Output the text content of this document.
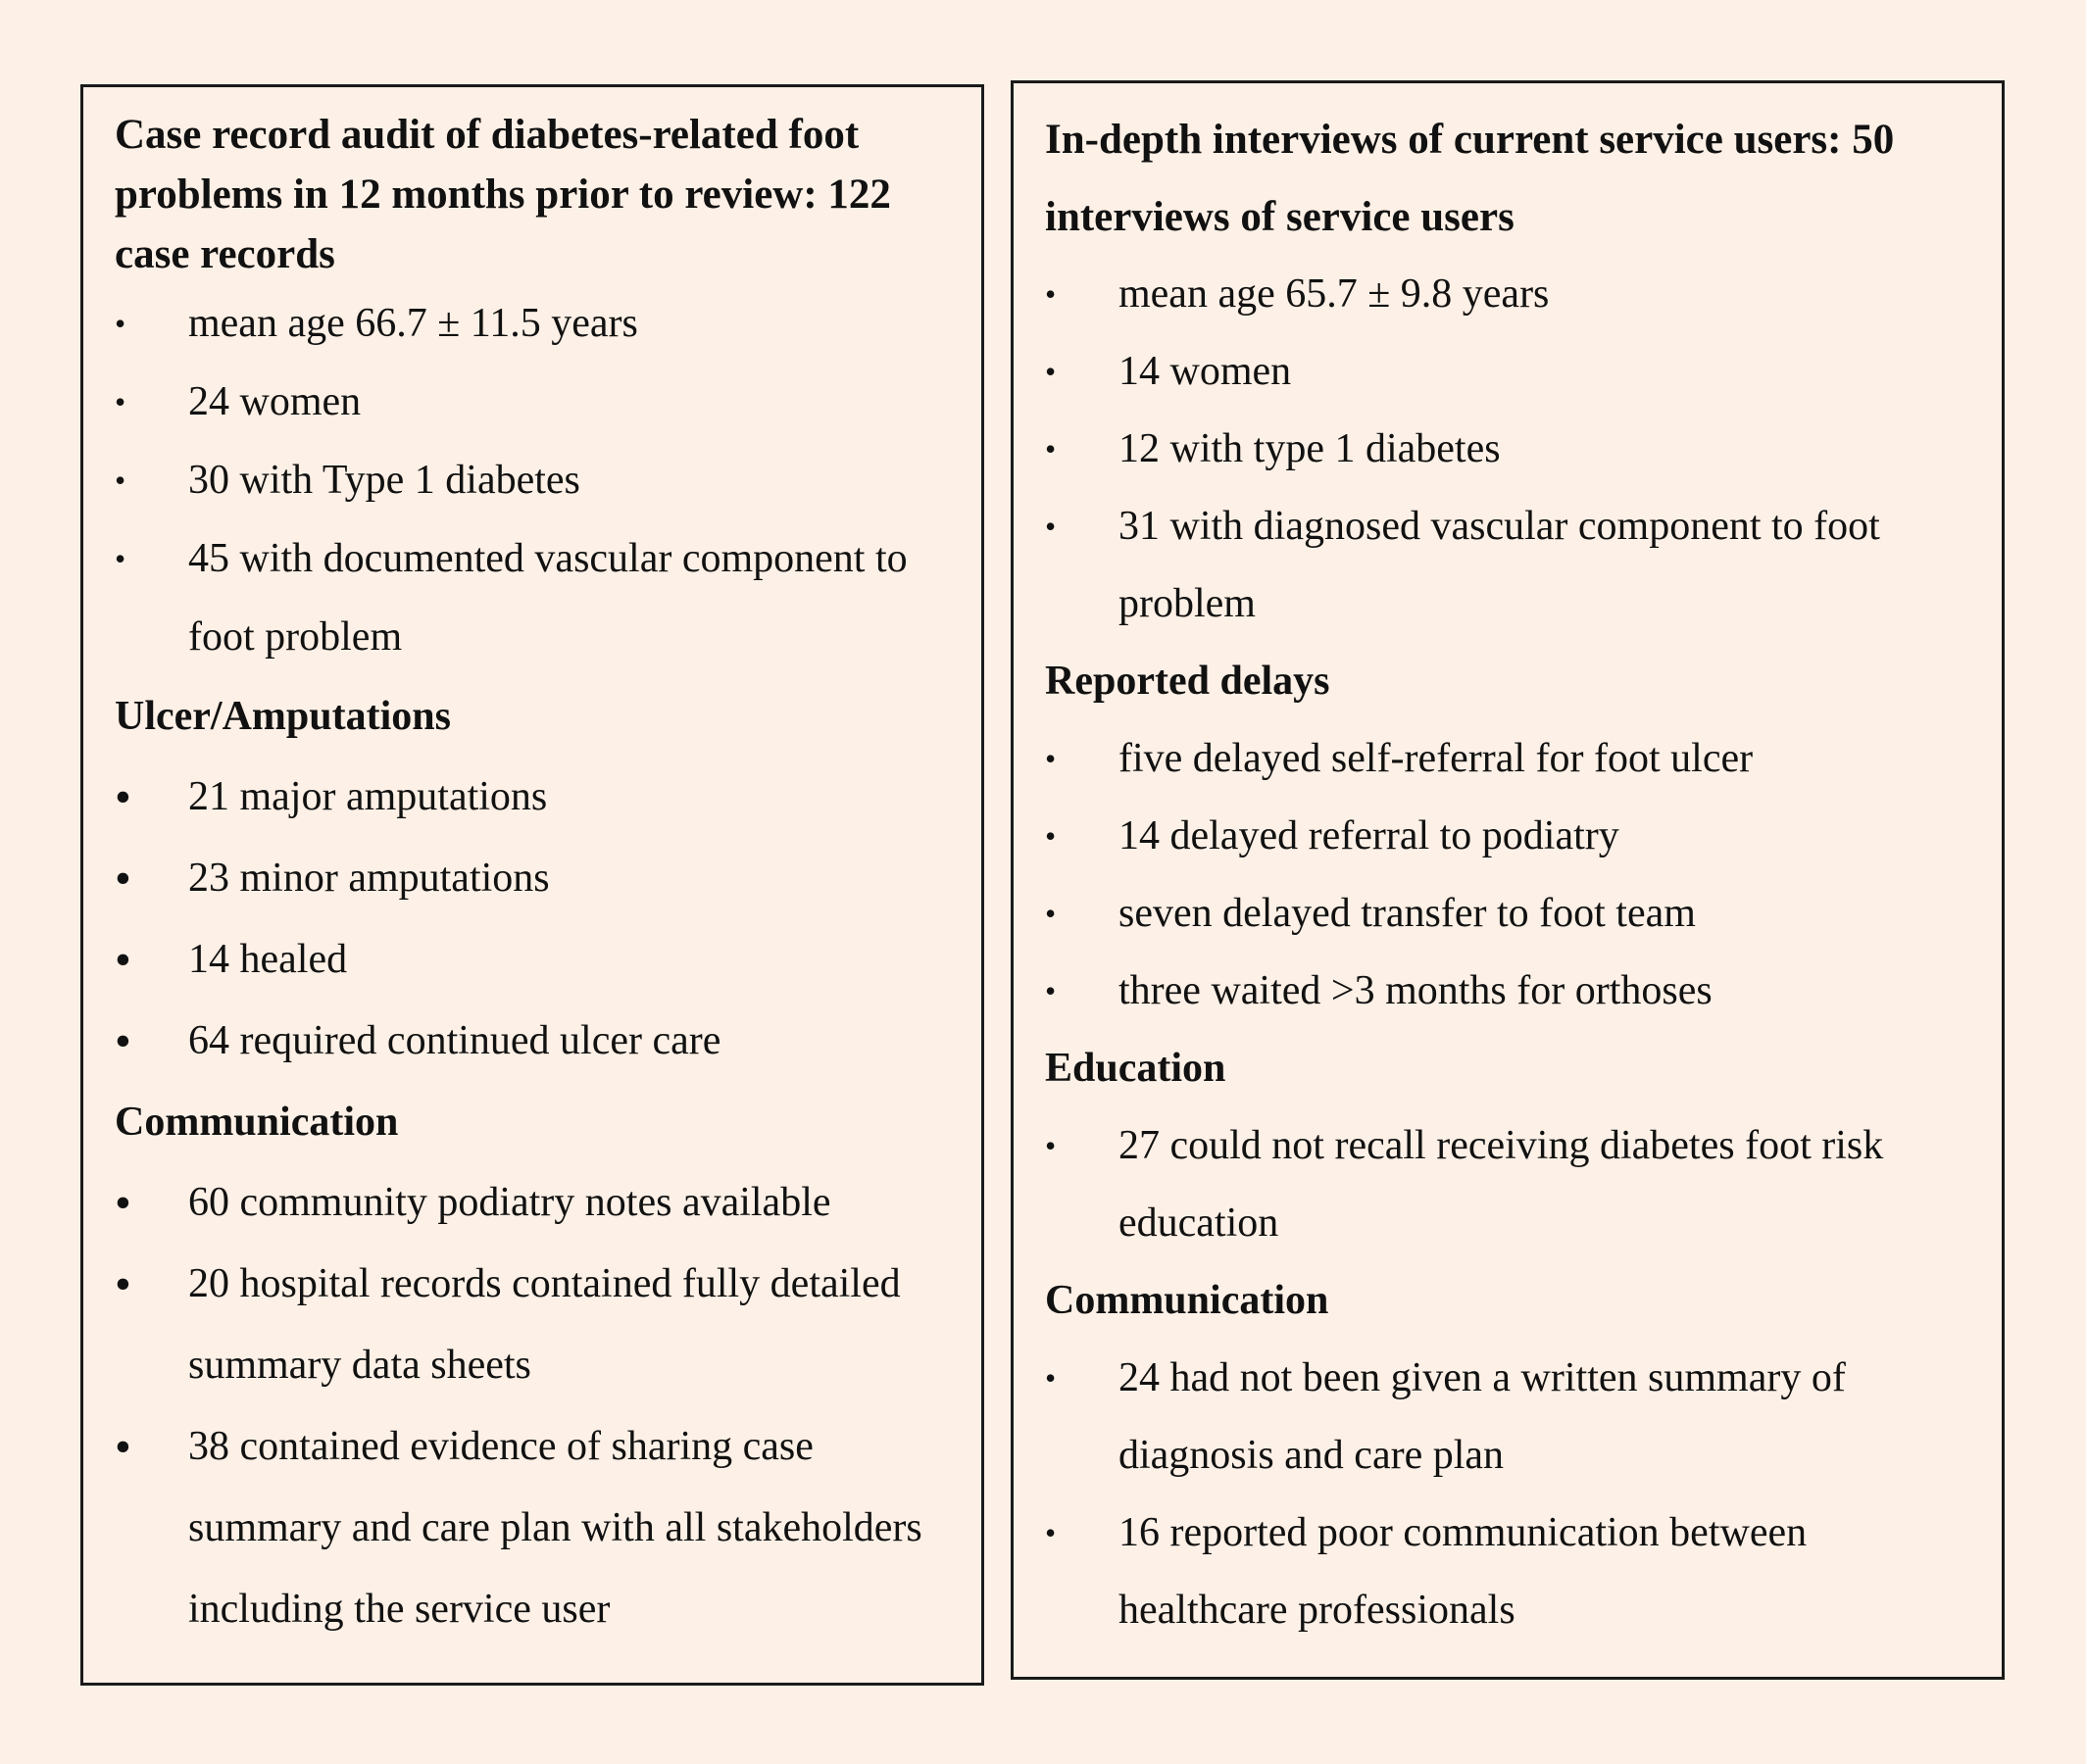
Case record audit of diabetes-related foot problems in 12 months prior to review: 122 case records

• mean age 66.7 ± 11.5 years
• 24 women
• 30 with Type 1 diabetes
• 45 with documented vascular component to foot problem

Ulcer/Amputations

• 21 major amputations
• 23 minor amputations
• 14 healed
• 64 required continued ulcer care

Communication

• 60 community podiatry notes available
• 20 hospital records contained fully detailed summary data sheets
• 38 contained evidence of sharing case summary and care plan with all stakeholders including the service user

In-depth interviews of current service users: 50 interviews of service users

• mean age 65.7 ± 9.8 years
• 14 women
• 12 with type 1 diabetes
• 31 with diagnosed vascular component to foot problem

Reported delays

• five delayed self-referral for foot ulcer
• 14 delayed referral to podiatry
• seven delayed transfer to foot team
• three waited >3 months for orthoses

Education

• 27 could not recall receiving diabetes foot risk education

Communication

• 24 had not been given a written summary of diagnosis and care plan
• 16 reported poor communication between healthcare professionals
